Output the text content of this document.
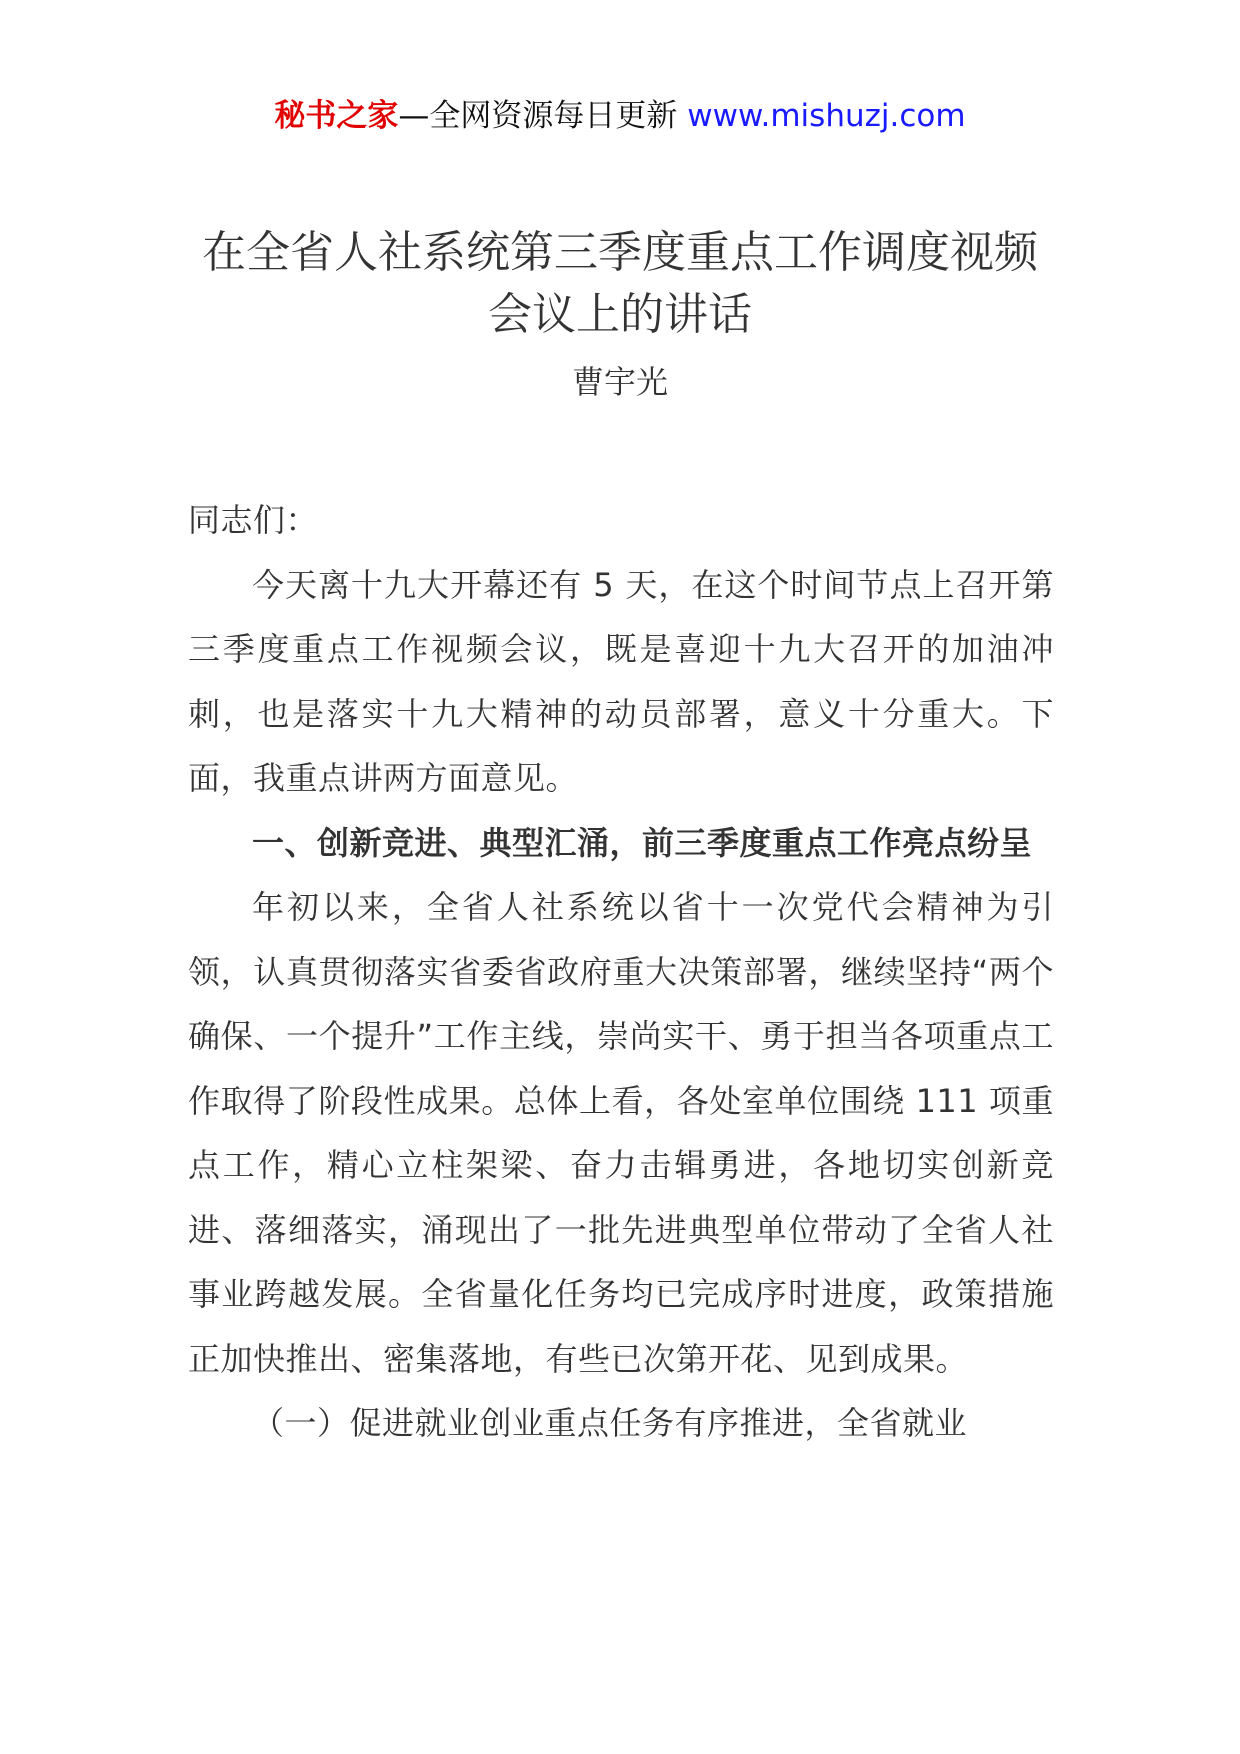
秘书之家—全网资源每日更新 www.mishuzj.com
在全省人社系统第三季度重点工作调度视频会议上的讲话
曹宇光

同志们：

今天离十九大开幕还有 5 天，在这个时间节点上召开第三季度重点工作视频会议，既是喜迎十九大召开的加油冲刺，也是落实十九大精神的动员部署，意义十分重大。下面，我重点讲两方面意见。

一、创新竞进、典型汇涌，前三季度重点工作亮点纷呈

年初以来，全省人社系统以省十一次党代会精神为引领，认真贯彻落实省委省政府重大决策部署，继续坚持“两个确保、一个提升”工作主线，崇尚实干、勇于担当各项重点工作取得了阶段性成果。总体上看，各处室单位围绕 111 项重点工作，精心立柱架梁、奋力击辑勇进，各地切实创新竞进、落细落实，涌现出了一批先进典型单位带动了全省人社事业跨越发展。全省量化任务均已完成序时进度，政策措施正加快推出、密集落地，有些已次第开花、见到成果。

（一）促进就业创业重点任务有序推进，全省就业
